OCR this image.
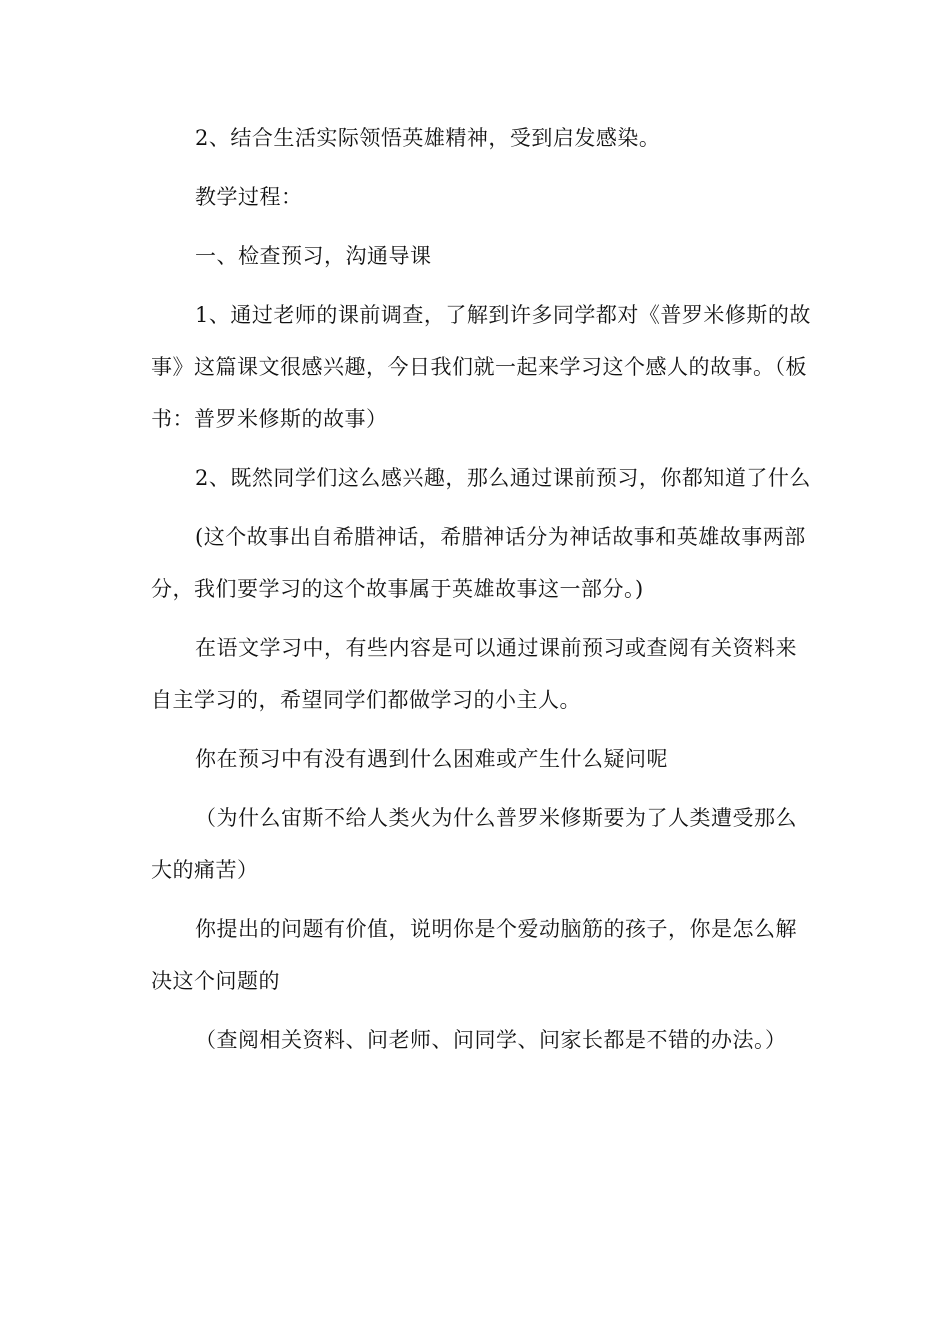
2、结合生活实际领悟英雄精神，受到启发感染。

教学过程：

一、检查预习，沟通导课

1、通过老师的课前调查，了解到许多同学都对《普罗米修斯的故事》这篇课文很感兴趣，今日我们就一起来学习这个感人的故事。（板书：普罗米修斯的故事）

2、既然同学们这么感兴趣，那么通过课前预习，你都知道了什么

(这个故事出自希腊神话，希腊神话分为神话故事和英雄故事两部分，我们要学习的这个故事属于英雄故事这一部分。)

在语文学习中，有些内容是可以通过课前预习或查阅有关资料来自主学习的，希望同学们都做学习的小主人。

你在预习中有没有遇到什么困难或产生什么疑问呢

（为什么宙斯不给人类火为什么普罗米修斯要为了人类遭受那么大的痛苦）

你提出的问题有价值，说明你是个爱动脑筋的孩子，你是怎么解决这个问题的

（查阅相关资料、问老师、问同学、问家长都是不错的办法。）
